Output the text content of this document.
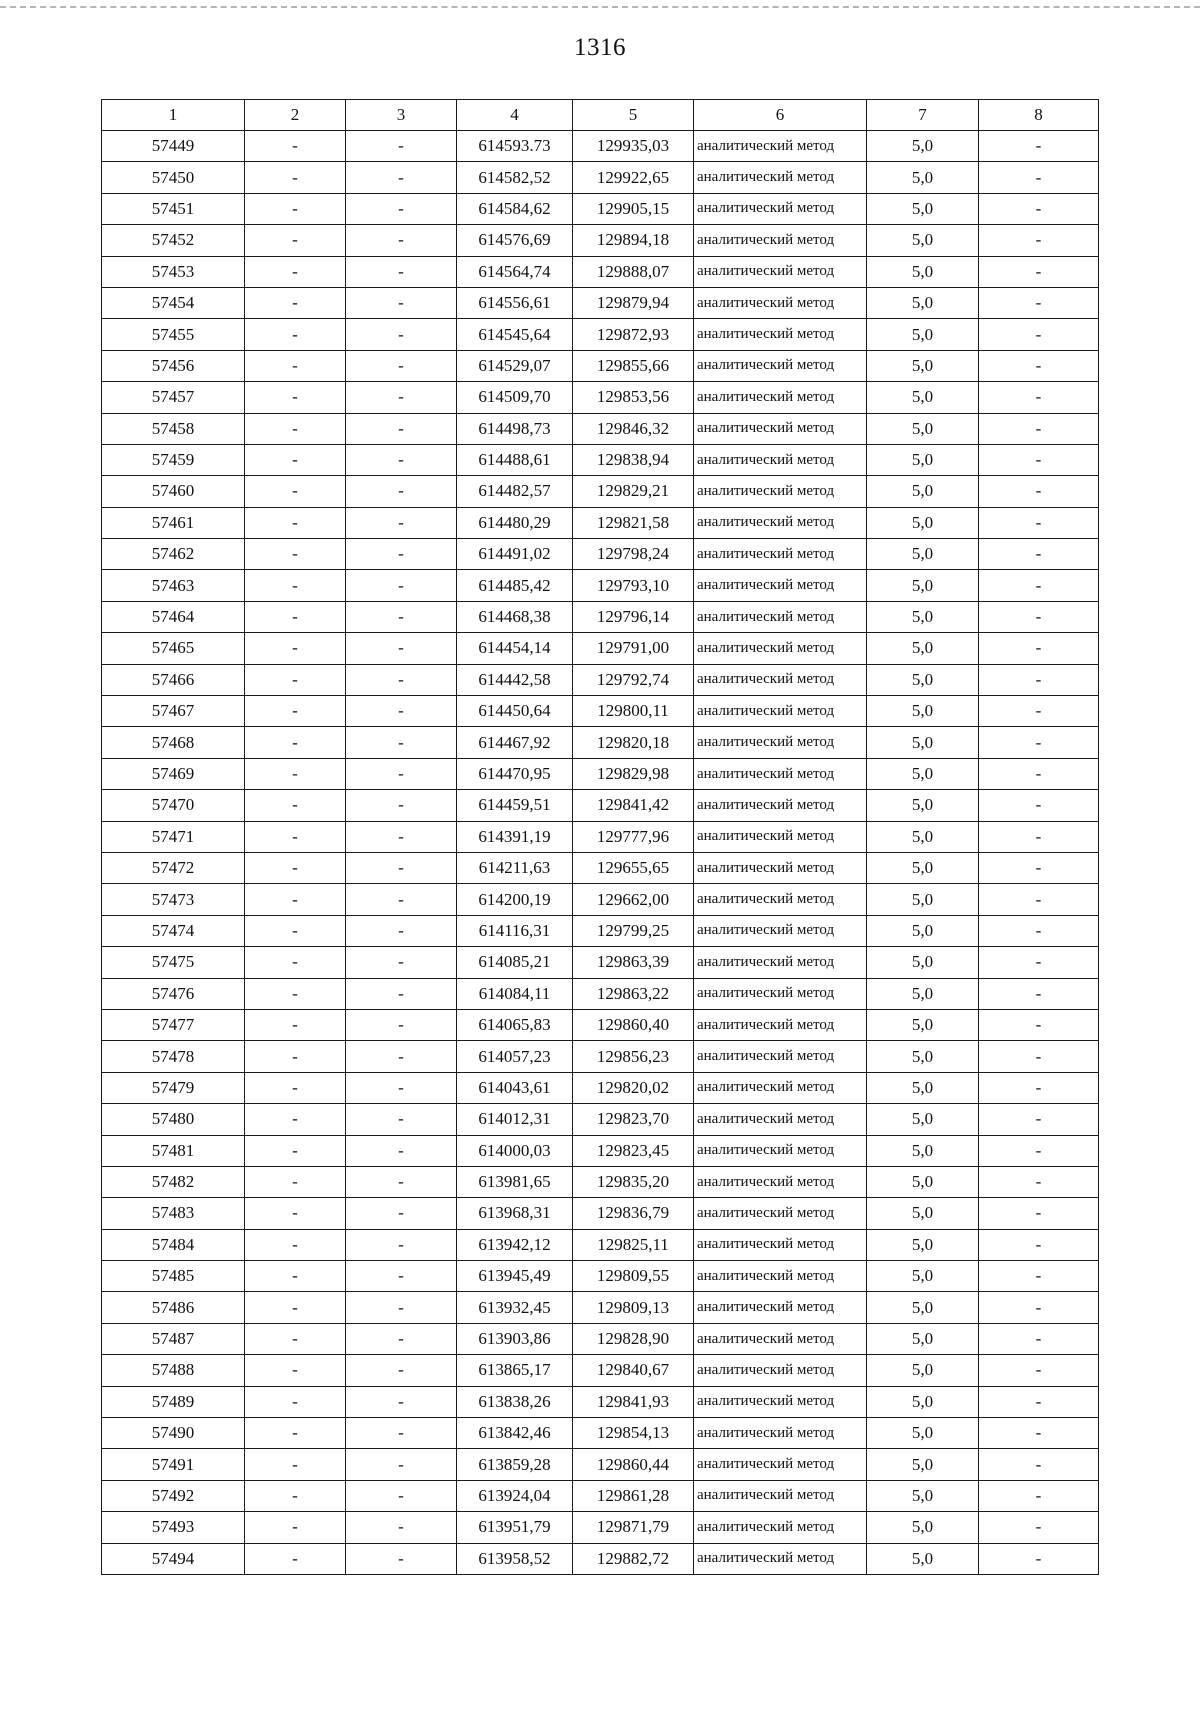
1316
1	2	3	4	5	6	7	8
57449	-	-	614593.73	129935,03	аналитический метод	5,0	-
57450	-	-	614582,52	129922,65	аналитический метод	5,0	-
57451	-	-	614584,62	129905,15	аналитический метод	5,0	-
57452	-	-	614576,69	129894,18	аналитический метод	5,0	-
57453	-	-	614564,74	129888,07	аналитический метод	5,0	-
57454	-	-	614556,61	129879,94	аналитический метод	5,0	-
57455	-	-	614545,64	129872,93	аналитический метод	5,0	-
57456	-	-	614529,07	129855,66	аналитический метод	5,0	-
57457	-	-	614509,70	129853,56	аналитический метод	5,0	-
57458	-	-	614498,73	129846,32	аналитический метод	5,0	-
57459	-	-	614488,61	129838,94	аналитический метод	5,0	-
57460	-	-	614482,57	129829,21	аналитический метод	5,0	-
57461	-	-	614480,29	129821,58	аналитический метод	5,0	-
57462	-	-	614491,02	129798,24	аналитический метод	5,0	-
57463	-	-	614485,42	129793,10	аналитический метод	5,0	-
57464	-	-	614468,38	129796,14	аналитический метод	5,0	-
57465	-	-	614454,14	129791,00	аналитический метод	5,0	-
57466	-	-	614442,58	129792,74	аналитический метод	5,0	-
57467	-	-	614450,64	129800,11	аналитический метод	5,0	-
57468	-	-	614467,92	129820,18	аналитический метод	5,0	-
57469	-	-	614470,95	129829,98	аналитический метод	5,0	-
57470	-	-	614459,51	129841,42	аналитический метод	5,0	-
57471	-	-	614391,19	129777,96	аналитический метод	5,0	-
57472	-	-	614211,63	129655,65	аналитический метод	5,0	-
57473	-	-	614200,19	129662,00	аналитический метод	5,0	-
57474	-	-	614116,31	129799,25	аналитический метод	5,0	-
57475	-	-	614085,21	129863,39	аналитический метод	5,0	-
57476	-	-	614084,11	129863,22	аналитический метод	5,0	-
57477	-	-	614065,83	129860,40	аналитический метод	5,0	-
57478	-	-	614057,23	129856,23	аналитический метод	5,0	-
57479	-	-	614043,61	129820,02	аналитический метод	5,0	-
57480	-	-	614012,31	129823,70	аналитический метод	5,0	-
57481	-	-	614000,03	129823,45	аналитический метод	5,0	-
57482	-	-	613981,65	129835,20	аналитический метод	5,0	-
57483	-	-	613968,31	129836,79	аналитический метод	5,0	-
57484	-	-	613942,12	129825,11	аналитический метод	5,0	-
57485	-	-	613945,49	129809,55	аналитический метод	5,0	-
57486	-	-	613932,45	129809,13	аналитический метод	5,0	-
57487	-	-	613903,86	129828,90	аналитический метод	5,0	-
57488	-	-	613865,17	129840,67	аналитический метод	5,0	-
57489	-	-	613838,26	129841,93	аналитический метод	5,0	-
57490	-	-	613842,46	129854,13	аналитический метод	5,0	-
57491	-	-	613859,28	129860,44	аналитический метод	5,0	-
57492	-	-	613924,04	129861,28	аналитический метод	5,0	-
57493	-	-	613951,79	129871,79	аналитический метод	5,0	-
57494	-	-	613958,52	129882,72	аналитический метод	5,0	-
